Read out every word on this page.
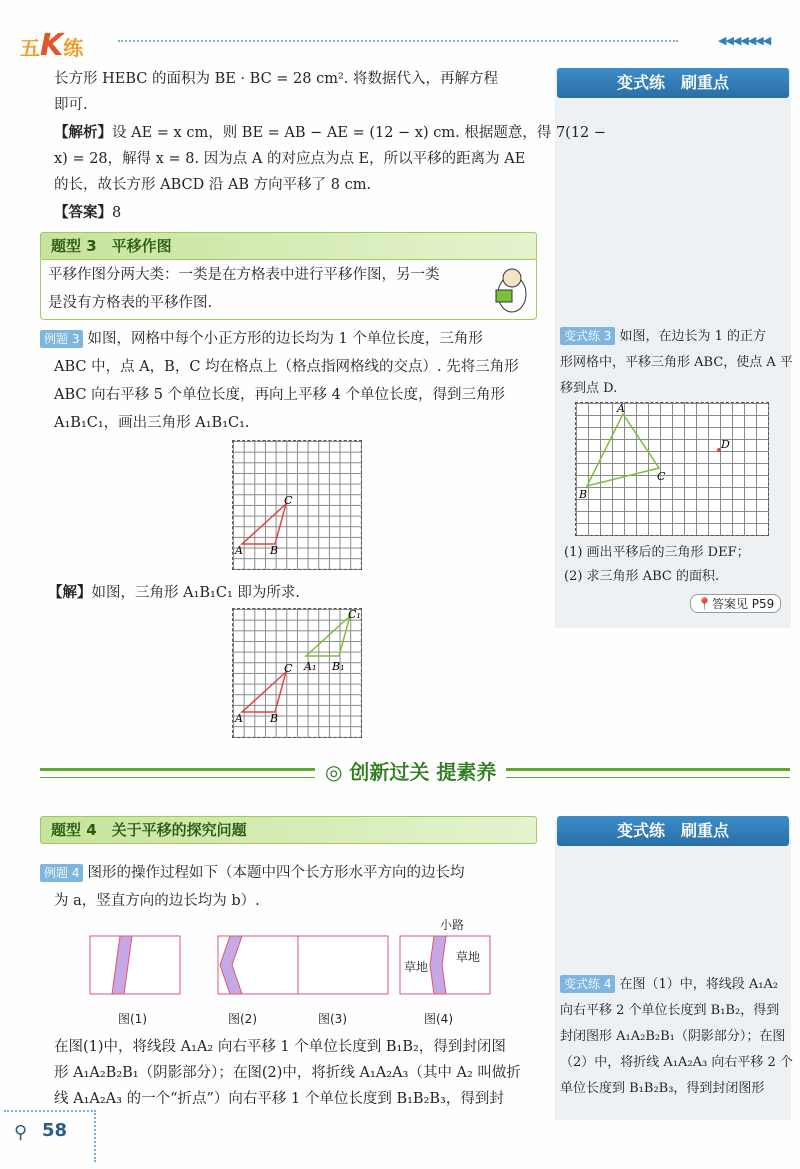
五K练	◀◀◀◀◀◀◀
变式练　刷重点
变式练　刷重点
长方形 HEBC 的面积为 BE · BC = 28 cm². 将数据代入，再解方程
即可.
【解析】设 AE = x cm，则 BE = AB − AE = (12 − x) cm. 根据题意，得 7(12 −
x) = 28，解得 x = 8. 因为点 A 的对应点为点 E，所以平移的距离为 AE
的长，故长方形 ABCD 沿 AB 方向平移了 8 cm.
【答案】8
题型 3　平移作图
平移作图分两大类：一类是在方格表中进行平移作图，另一类
是没有方格表的平移作图.
例题 3 如图，网格中每个小正方形的边长均为 1 个单位长度，三角形
ABC 中，点 A，B，C 均在格点上（格点指网格线的交点）. 先将三角形
ABC 向右平移 5 个单位长度，再向上平移 4 个单位长度，得到三角形
A₁B₁C₁，画出三角形 A₁B₁C₁.
A B
C
【解】如图，三角形 A₁B₁C₁ 即为所求.
A B
C A₁ B₁
C₁
变式练 3 如图，在边长为 1 的正方
形网格中，平移三角形 ABC，使点 A 平
移到点 D.
A
B
C
D
(1) 画出平移后的三角形 DEF；
(2) 求三角形 ABC 的面积.
📍答案见 P59
◎ 创新过关 提素养
题型 4　关于平移的探究问题
例题 4 图形的操作过程如下（本题中四个长方形水平方向的边长均
为 a，竖直方向的边长均为 b）.
图(1)	图(2)	图(3)	图(4)
小路
草地
草地
在图(1)中，将线段 A₁A₂ 向右平移 1 个单位长度到 B₁B₂，得到封闭图
形 A₁A₂B₂B₁（阴影部分）；在图(2)中，将折线 A₁A₂A₃（其中 A₂ 叫做折
线 A₁A₂A₃ 的一个“折点”）向右平移 1 个单位长度到 B₁B₂B₃，得到封
变式练 4 在图（1）中，将线段 A₁A₂
向右平移 2 个单位长度到 B₁B₂，得到
封闭图形 A₁A₂B₂B₁（阴影部分）；在图
（2）中，将折线 A₁A₂A₃ 向右平移 2 个
单位长度到 B₁B₂B₃，得到封闭图形
⚲ 58
